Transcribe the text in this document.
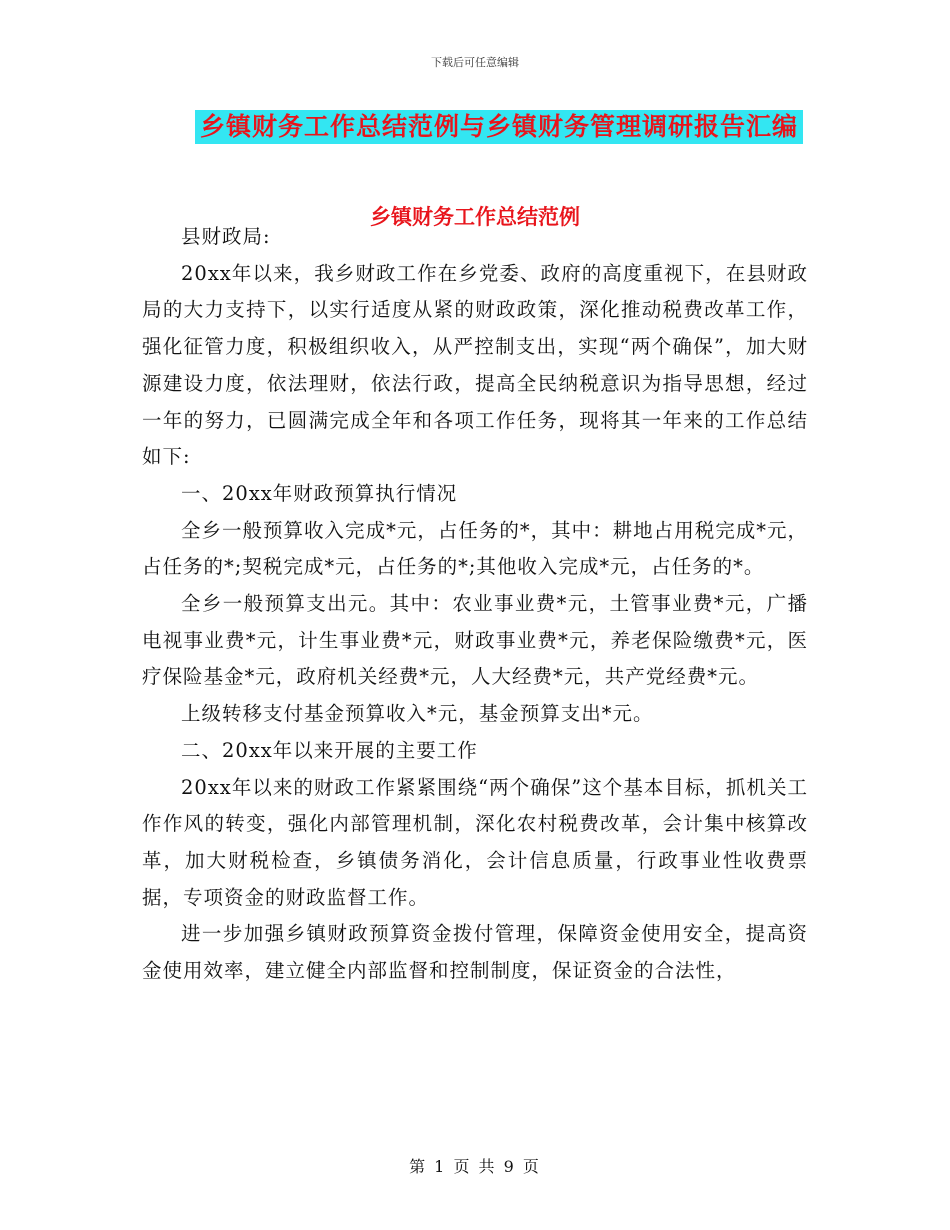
下载后可任意编辑
乡镇财务工作总结范例与乡镇财务管理调研报告汇编
乡镇财务工作总结范例

县财政局:

20xx年以来，我乡财政工作在乡党委、政府的高度重视下，在县财政局的大力支持下，以实行适度从紧的财政政策，深化推动税费改革工作，强化征管力度，积极组织收入，从严控制支出，实现“两个确保”，加大财源建设力度，依法理财，依法行政，提高全民纳税意识为指导思想，经过一年的努力，已圆满完成全年和各项工作任务，现将其一年来的工作总结如下:

一、20xx年财政预算执行情况

全乡一般预算收入完成*元，占任务的*，其中：耕地占用税完成*元，占任务的*;契税完成*元，占任务的*;其他收入完成*元，占任务的*。

全乡一般预算支出元。其中：农业事业费*元，土管事业费*元，广播电视事业费*元，计生事业费*元，财政事业费*元，养老保险缴费*元，医疗保险基金*元，政府机关经费*元，人大经费*元，共产党经费*元。

上级转移支付基金预算收入*元，基金预算支出*元。

二、20xx年以来开展的主要工作

20xx年以来的财政工作紧紧围绕“两个确保”这个基本目标，抓机关工作作风的转变，强化内部管理机制，深化农村税费改革，会计集中核算改革，加大财税检查，乡镇债务消化，会计信息质量，行政事业性收费票据，专项资金的财政监督工作。

进一步加强乡镇财政预算资金拨付管理，保障资金使用安全，提高资金使用效率，建立健全内部监督和控制制度，保证资金的合法性，

第 1 页 共 9 页
